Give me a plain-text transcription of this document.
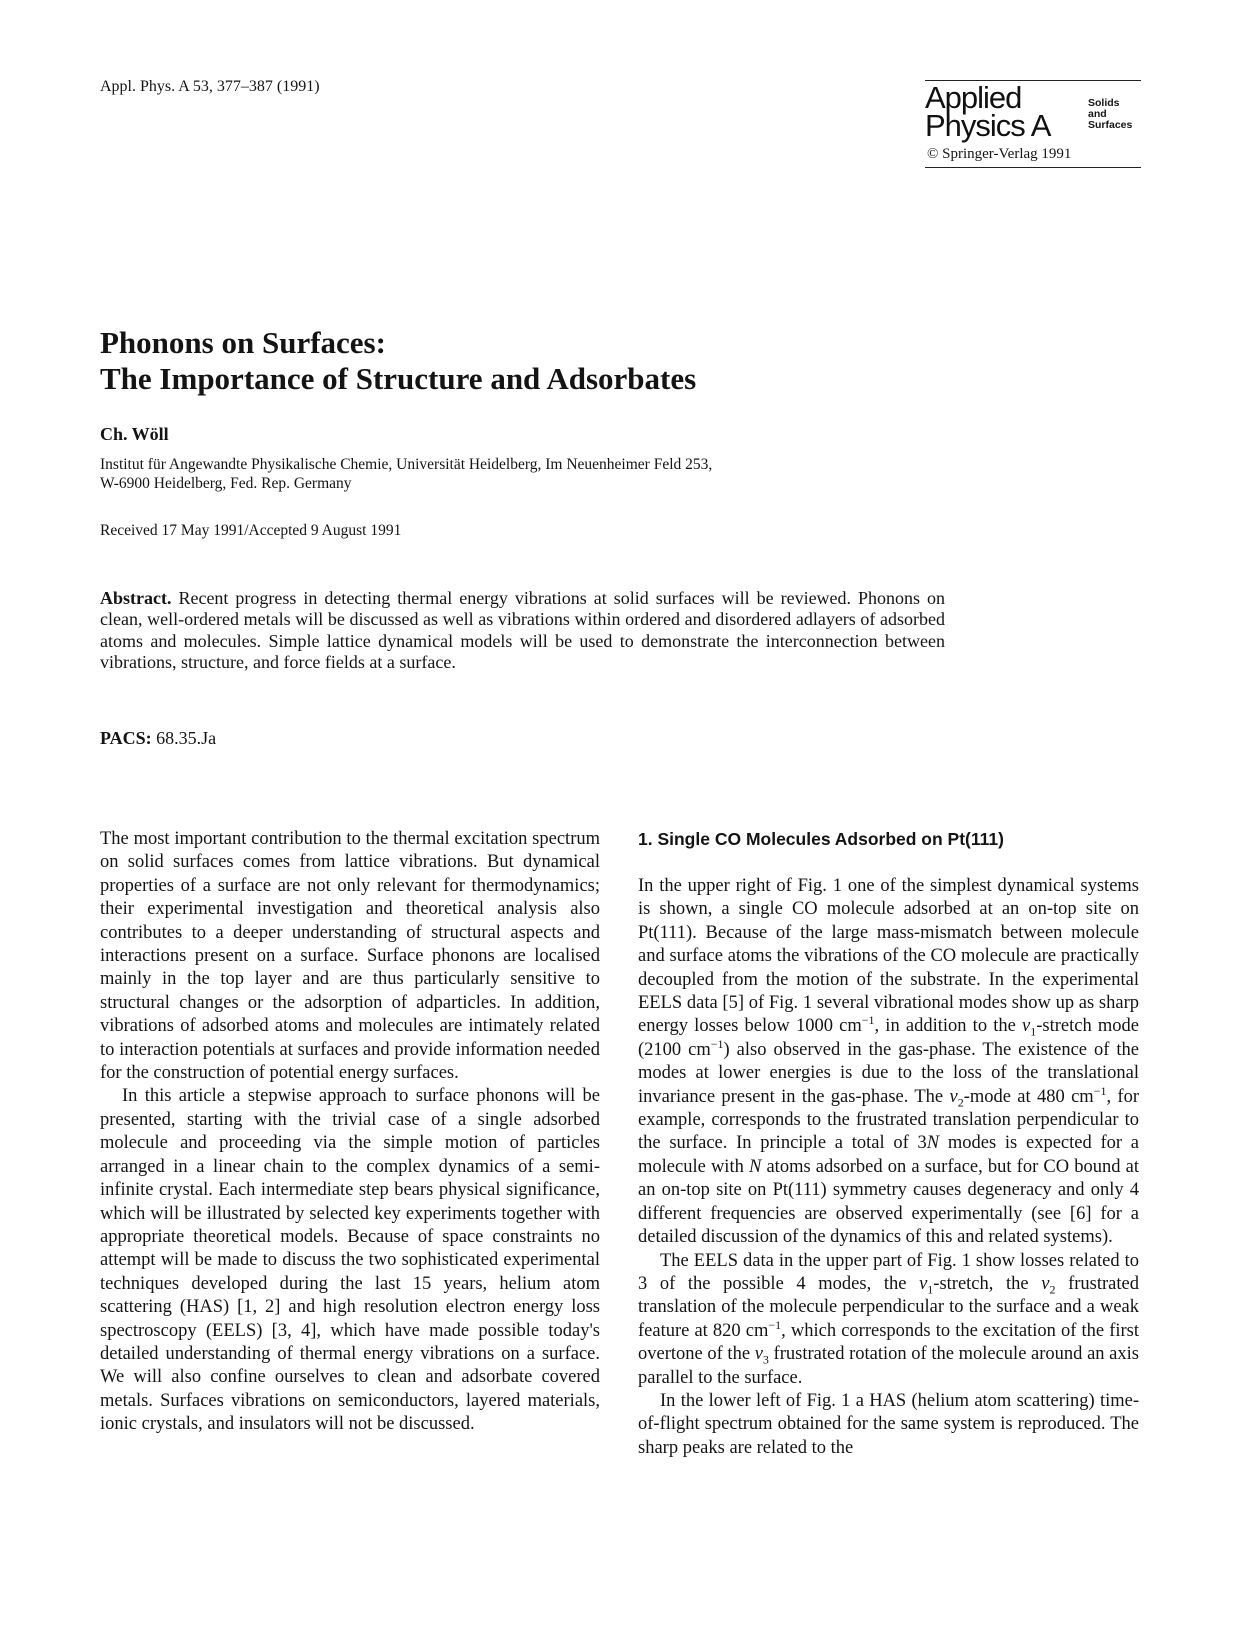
Appl. Phys. A 53, 377–387 (1991)	Applied
Physics A
Solids
and
Surfaces
© Springer-Verlag 1991
Phonons on Surfaces:
The Importance of Structure and Adsorbates
Ch. Wöll
Institut für Angewandte Physikalische Chemie, Universität Heidelberg, Im Neuenheimer Feld 253,
W-6900 Heidelberg, Fed. Rep. Germany
Received 17 May 1991/Accepted 9 August 1991
Abstract. Recent progress in detecting thermal energy vibrations at solid surfaces will be reviewed. Phonons on clean, well-ordered metals will be discussed as well as vibrations within ordered and disordered adlayers of adsorbed atoms and molecules. Simple lattice dynamical models will be used to demonstrate the interconnection between vibrations, structure, and force fields at a surface.
PACS: 68.35.Ja

The most important contribution to the thermal excitation spectrum on solid surfaces comes from lattice vibrations. But dynamical properties of a surface are not only relevant for thermodynamics; their experimental investigation and theoretical analysis also contributes to a deeper understanding of structural aspects and interactions present on a surface. Surface phonons are localised mainly in the top layer and are thus particularly sensitive to structural changes or the adsorption of adparticles. In addition, vibrations of adsorbed atoms and molecules are intimately related to interaction potentials at surfaces and provide information needed for the construction of potential energy surfaces.

In this article a stepwise approach to surface phonons will be presented, starting with the trivial case of a single adsorbed molecule and proceeding via the simple motion of particles arranged in a linear chain to the complex dynamics of a semi-infinite crystal. Each intermediate step bears physical significance, which will be illustrated by selected key experiments together with appropriate theoretical models. Because of space constraints no attempt will be made to discuss the two sophisticated experimental techniques developed during the last 15 years, helium atom scattering (HAS) [1, 2] and high resolution electron energy loss spectroscopy (EELS) [3, 4], which have made possible today's detailed understanding of thermal energy vibrations on a surface. We will also confine ourselves to clean and adsorbate covered metals. Surfaces vibrations on semiconductors, layered materials, ionic crystals, and insulators will not be discussed.

1. Single CO Molecules Adsorbed on Pt(111)

In the upper right of Fig. 1 one of the simplest dynamical systems is shown, a single CO molecule adsorbed at an on-top site on Pt(111). Because of the large mass-mismatch between molecule and surface atoms the vibrations of the CO molecule are practically decoupled from the motion of the substrate. In the experimental EELS data [5] of Fig. 1 several vibrational modes show up as sharp energy losses below 1000 $cm^{-1}$, in addition to the $\nu_1$-stretch mode (2100 $cm^{-1}$) also observed in the gas-phase. The existence of the modes at lower energies is due to the loss of the translational invariance present in the gas-phase. The $\nu_2$-mode at 480 $cm^{-1}$, for example, corresponds to the frustrated translation perpendicular to the surface. In principle a total of 3N modes is expected for a molecule with N atoms adsorbed on a surface, but for CO bound at an on-top site on Pt(111) symmetry causes degeneracy and only 4 different frequencies are observed experimentally (see [6] for a detailed discussion of the dynamics of this and related systems).

The EELS data in the upper part of Fig. 1 show losses related to 3 of the possible 4 modes, the $\nu_1$-stretch, the $\nu_2$ frustrated translation of the molecule perpendicular to the surface and a weak feature at 820 $cm^{-1}$, which corresponds to the excitation of the first overtone of the $\nu_3$ frustrated rotation of the molecule around an axis parallel to the surface.

In the lower left of Fig. 1 a HAS (helium atom scattering) time-of-flight spectrum obtained for the same system is reproduced. The sharp peaks are related to the
